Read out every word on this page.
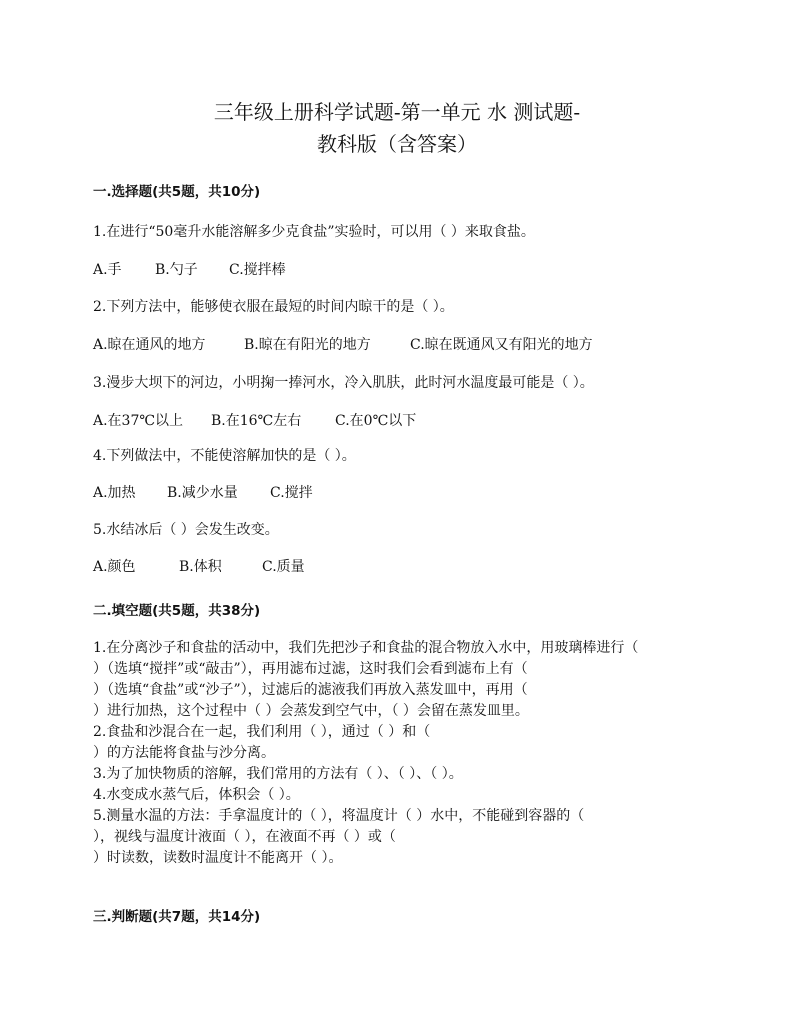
三年级上册科学试题-第一单元 水 测试题-
教科版（含答案）
一.选择题(共5题，共10分)
1.在进行“50毫升水能溶解多少克食盐”实验时，可以用（ ）来取食盐。
A.手 B.勺子 C.搅拌棒
2.下列方法中，能够使衣服在最短的时间内晾干的是（ ）。
A.晾在通风的地方	B.晾在有阳光的地方	C.晾在既通风又有阳光的地方
3.漫步大坝下的河边，小明掬一捧河水，冷入肌肤，此时河水温度最可能是（ ）。
A.在37℃以上 B.在16℃左右 C.在0℃以下
4.下列做法中，不能使溶解加快的是（ ）。
A.加热 B.减少水量 C.搅拌
5.水结冰后（ ）会发生改变。
A.颜色	B.体积	C.质量
二.填空题(共5题，共38分)
1.在分离沙子和食盐的活动中，我们先把沙子和食盐的混合物放入水中，用玻璃棒进行（
）（选填“搅拌”或“敲击”），再用滤布过滤，这时我们会看到滤布上有（
）（选填“食盐”或“沙子”），过滤后的滤液我们再放入蒸发皿中，再用（
）进行加热，这个过程中（ ）会蒸发到空气中，（ ）会留在蒸发皿里。
2.食盐和沙混合在一起，我们利用（ ），通过（ ）和（
）的方法能将食盐与沙分离。
3.为了加快物质的溶解，我们常用的方法有（ ）、（ ）、（ ）。
4.水变成水蒸气后，体积会（ ）。
5.测量水温的方法：手拿温度计的（ ），将温度计（ ）水中，不能碰到容器的（
），视线与温度计液面（ ），在液面不再（ ）或（
）时读数，读数时温度计不能离开（ ）。
三.判断题(共7题，共14分)
